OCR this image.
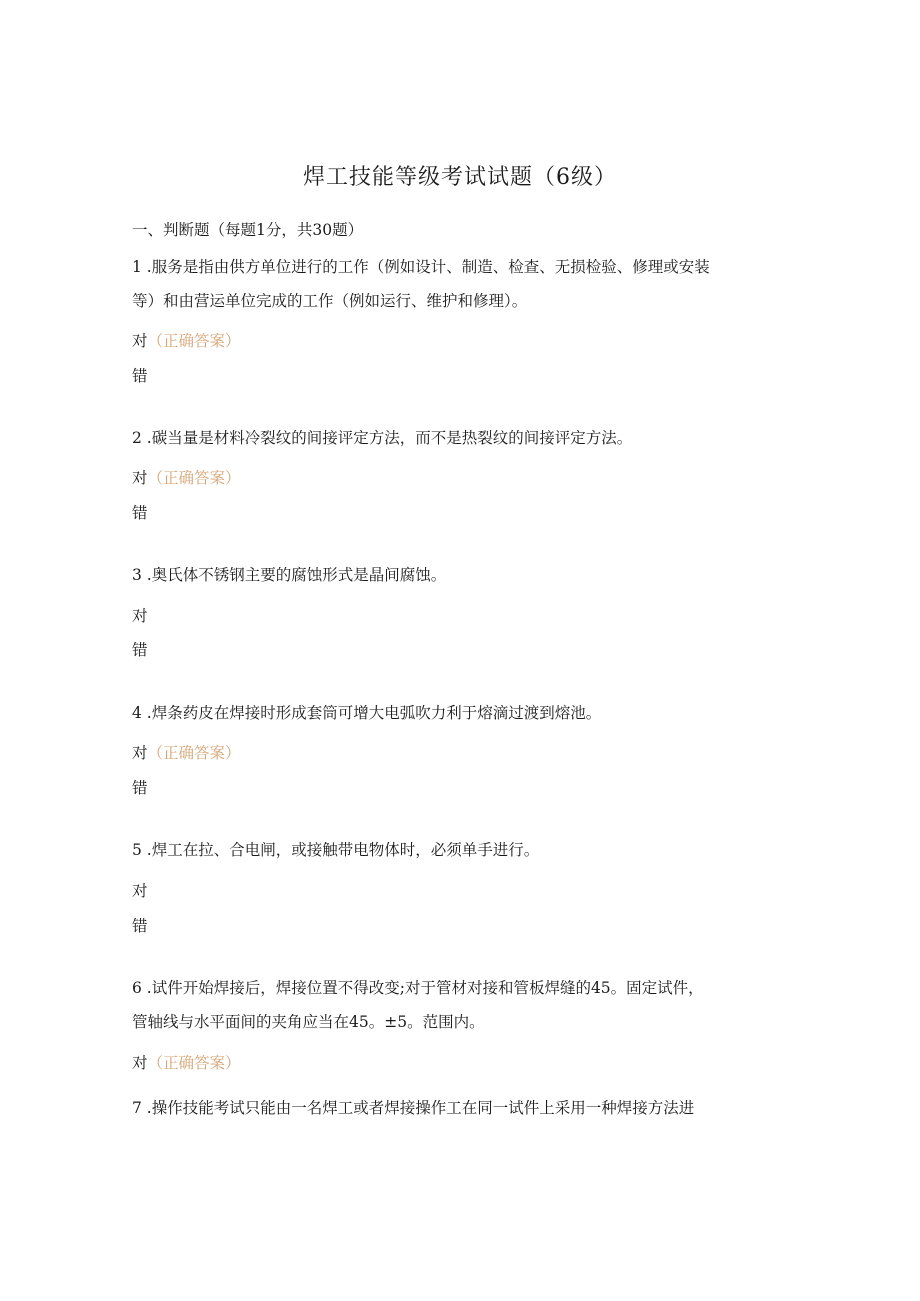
焊工技能等级考试试题（6级）
一、判断题（每题1分，共30题）
1 .服务是指由供方单位进行的工作（例如设计、制造、检查、无损检验、修理或安装
等）和由营运单位完成的工作（例如运行、维护和修理）。
对（正确答案）
错
2 .碳当量是材料冷裂纹的间接评定方法，而不是热裂纹的间接评定方法。
对（正确答案）
错
3 .奥氏体不锈钢主要的腐蚀形式是晶间腐蚀。
对
错
4 .焊条药皮在焊接时形成套筒可增大电弧吹力利于熔滴过渡到熔池。
对（正确答案）
错
5 .焊工在拉、合电闸，或接触带电物体时，必须单手进行。
对
错
6 .试件开始焊接后，焊接位置不得改变;对于管材对接和管板焊缝的45。固定试件，
管轴线与水平面间的夹角应当在45。±5。范围内。
对（正确答案）
7 .操作技能考试只能由一名焊工或者焊接操作工在同一试件上采用一种焊接方法进
